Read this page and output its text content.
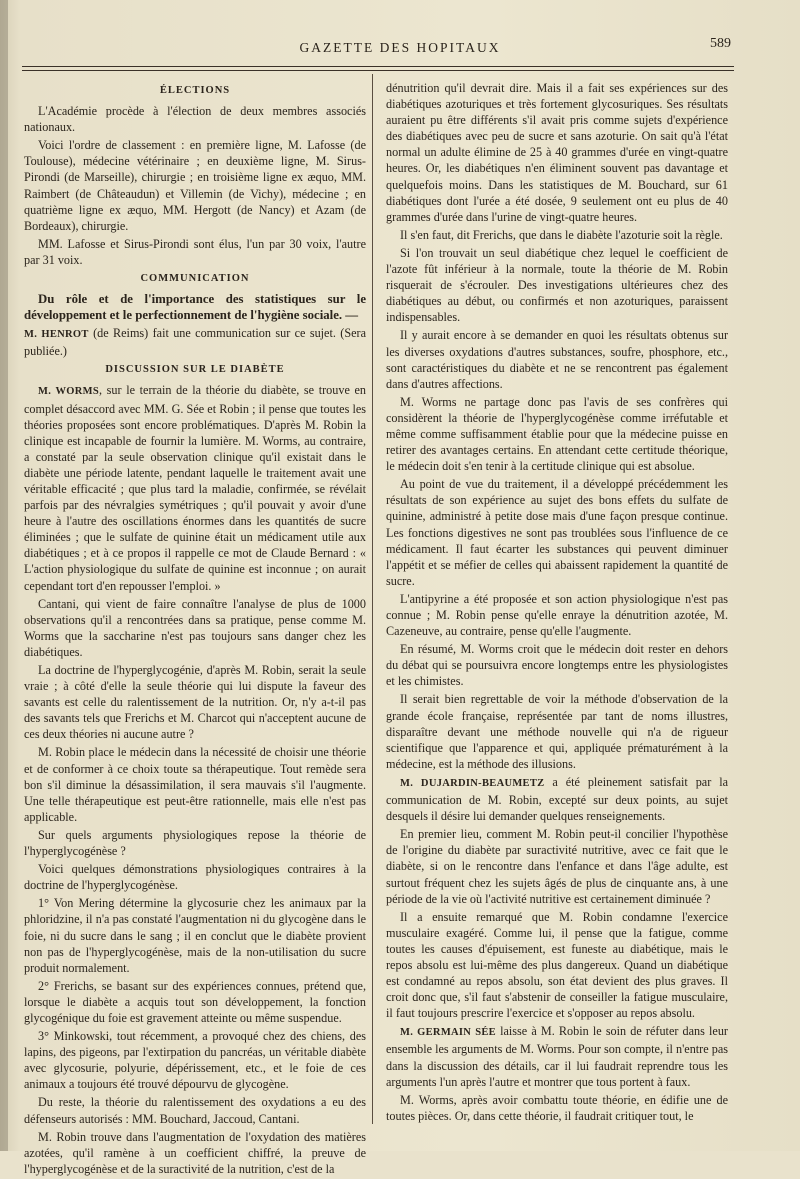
GAZETTE DES HOPITAUX	589
ÉLECTIONS

L'Académie procède à l'élection de deux membres associés nationaux.

Voici l'ordre de classement : en première ligne, M. Lafosse (de Toulouse), médecine vétérinaire ; en deuxième ligne, M. Sirus-Pirondi (de Marseille), chirurgie ; en troisième ligne ex æquo, MM. Raimbert (de Châteaudun) et Villemin (de Vichy), médecine ; en quatrième ligne ex æquo, MM. Hergott (de Nancy) et Azam (de Bordeaux), chirurgie.

MM. Lafosse et Sirus-Pirondi sont élus, l'un par 30 voix, l'autre par 31 voix.

COMMUNICATION

Du rôle et de l'importance des statistiques sur le développement et le perfectionnement de l'hygiène sociale. —

M. HENROT (de Reims) fait une communication sur ce sujet. (Sera publiée.)

DISCUSSION SUR LE DIABÈTE

M. WORMS, sur le terrain de la théorie du diabète, se trouve en complet désaccord avec MM. G. Sée et Robin ; il pense que toutes les théories proposées sont encore problématiques. D'après M. Robin la clinique est incapable de fournir la lumière. M. Worms, au contraire, a constaté par la seule observation clinique qu'il existait dans le diabète une période latente, pendant laquelle le traitement avait une véritable efficacité ; que plus tard la maladie, confirmée, se révélait parfois par des névralgies symétriques ; qu'il pouvait y avoir d'une heure à l'autre des oscillations énormes dans les quantités de sucre éliminées ; que le sulfate de quinine était un médicament utile aux diabétiques ; et à ce propos il rappelle ce mot de Claude Bernard : « L'action physiologique du sulfate de quinine est inconnue ; on aurait cependant tort d'en repousser l'emploi. »

Cantani, qui vient de faire connaître l'analyse de plus de 1000 observations qu'il a rencontrées dans sa pratique, pense comme M. Worms que la saccharine n'est pas toujours sans danger chez les diabétiques.

La doctrine de l'hyperglycogénie, d'après M. Robin, serait la seule vraie ; à côté d'elle la seule théorie qui lui dispute la faveur des savants est celle du ralentissement de la nutrition. Or, n'y a-t-il pas des savants tels que Frerichs et M. Charcot qui n'acceptent aucune de ces deux théories ni aucune autre ?

M. Robin place le médecin dans la nécessité de choisir une théorie et de conformer à ce choix toute sa thérapeutique. Tout remède sera bon s'il diminue la désassimilation, il sera mauvais s'il l'augmente. Une telle thérapeutique est peut-être rationnelle, mais elle n'est pas applicable.

Sur quels arguments physiologiques repose la théorie de l'hyperglycogénèse ?

Voici quelques démonstrations physiologiques contraires à la doctrine de l'hyperglycogénèse.

1° Von Mering détermine la glycosurie chez les animaux par la phloridzine, il n'a pas constaté l'augmentation ni du glycogène dans le foie, ni du sucre dans le sang ; il en conclut que le diabète provient non pas de l'hyperglycogénèse, mais de la non-utilisation du sucre produit normalement.

2° Frerichs, se basant sur des expériences connues, prétend que, lorsque le diabète a acquis tout son développement, la fonction glycogénique du foie est gravement atteinte ou même suspendue.

3° Minkowski, tout récemment, a provoqué chez des chiens, des lapins, des pigeons, par l'extirpation du pancréas, un véritable diabète avec glycosurie, polyurie, dépérissement, etc., et le foie de ces animaux a toujours été trouvé dépourvu de glycogène.

Du reste, la théorie du ralentissement des oxydations a eu des défenseurs autorisés : MM. Bouchard, Jaccoud, Cantani.

M. Robin trouve dans l'augmentation de l'oxydation des matières azotées, qu'il ramène à un coefficient chiffré, la preuve de l'hyperglycogénèse et de la suractivité de la nutrition, c'est de la

dénutrition qu'il devrait dire. Mais il a fait ses expériences sur des diabétiques azoturiques et très fortement glycosuriques. Ses résultats auraient pu être différents s'il avait pris comme sujets d'expérience des diabétiques avec peu de sucre et sans azoturie. On sait qu'à l'état normal un adulte élimine de 25 à 40 grammes d'urée en vingt-quatre heures. Or, les diabétiques n'en éliminent souvent pas davantage et quelquefois moins. Dans les statistiques de M. Bouchard, sur 61 diabétiques dont l'urée a été dosée, 9 seulement ont eu plus de 40 grammes d'urée dans l'urine de vingt-quatre heures.

Il s'en faut, dit Frerichs, que dans le diabète l'azoturie soit la règle.

Si l'on trouvait un seul diabétique chez lequel le coefficient de l'azote fût inférieur à la normale, toute la théorie de M. Robin risquerait de s'écrouler. Des investigations ultérieures chez des diabétiques au début, ou confirmés et non azoturiques, paraissent indispensables.

Il y aurait encore à se demander en quoi les résultats obtenus sur les diverses oxydations d'autres substances, soufre, phosphore, etc., sont caractéristiques du diabète et ne se rencontrent pas également dans d'autres affections.

M. Worms ne partage donc pas l'avis de ses confrères qui considèrent la théorie de l'hyperglycogénèse comme irréfutable et même comme suffisamment établie pour que la médecine puisse en retirer des avantages certains. En attendant cette certitude théorique, le médecin doit s'en tenir à la certitude clinique qui est absolue.

Au point de vue du traitement, il a développé précédemment les résultats de son expérience au sujet des bons effets du sulfate de quinine, administré à petite dose mais d'une façon presque continue. Les fonctions digestives ne sont pas troublées sous l'influence de ce médicament. Il faut écarter les substances qui peuvent diminuer l'appétit et se méfier de celles qui abaissent rapidement la quantité de sucre.

L'antipyrine a été proposée et son action physiologique n'est pas connue ; M. Robin pense qu'elle enraye la dénutrition azotée, M. Cazeneuve, au contraire, pense qu'elle l'augmente.

En résumé, M. Worms croit que le médecin doit rester en dehors du débat qui se poursuivra encore longtemps entre les physiologistes et les chimistes.

Il serait bien regrettable de voir la méthode d'observation de la grande école française, représentée par tant de noms illustres, disparaître devant une méthode nouvelle qui n'a de rigueur scientifique que l'apparence et qui, appliquée prématurément à la médecine, est la méthode des illusions.

M. DUJARDIN-BEAUMETZ a été pleinement satisfait par la communication de M. Robin, excepté sur deux points, au sujet desquels il désire lui demander quelques renseignements.

En premier lieu, comment M. Robin peut-il concilier l'hypothèse de l'origine du diabète par suractivité nutritive, avec ce fait que le diabète, si on le rencontre dans l'enfance et dans l'âge adulte, est surtout fréquent chez les sujets âgés de plus de cinquante ans, à une période de la vie où l'activité nutritive est certainement diminuée ?

Il a ensuite remarqué que M. Robin condamne l'exercice musculaire exagéré. Comme lui, il pense que la fatigue, comme toutes les causes d'épuisement, est funeste au diabétique, mais le repos absolu est lui-même des plus dangereux. Quand un diabétique est condamné au repos absolu, son état devient des plus graves. Il croit donc que, s'il faut s'abstenir de conseiller la fatigue musculaire, il faut toujours prescrire l'exercice et s'opposer au repos absolu.

M. GERMAIN SÉE laisse à M. Robin le soin de réfuter dans leur ensemble les arguments de M. Worms. Pour son compte, il n'entre pas dans la discussion des détails, car il lui faudrait reprendre tous les arguments l'un après l'autre et montrer que tous portent à faux.

M. Worms, après avoir combattu toute théorie, en édifie une de toutes pièces. Or, dans cette théorie, il faudrait critiquer tout, le
